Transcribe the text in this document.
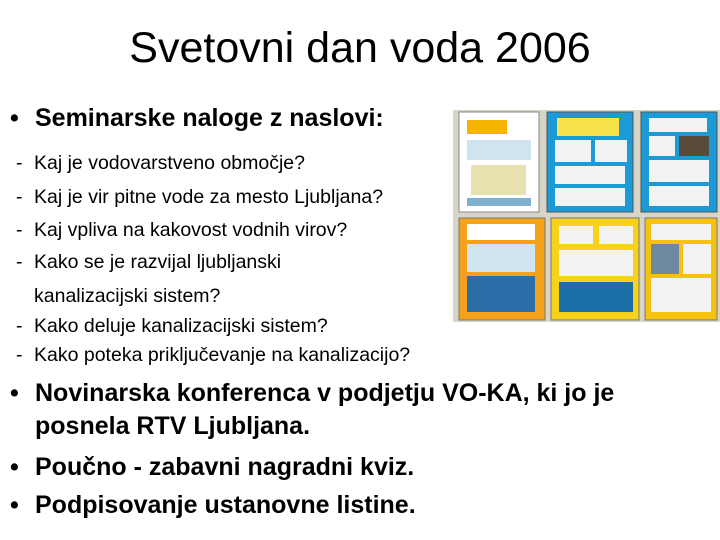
Svetovni dan voda 2006
• Seminarske naloge z naslovi:
- Kaj je vodovarstveno območje?
- Kaj je vir pitne vode za mesto Ljubljana?
- Kaj vpliva na kakovost vodnih virov?
- Kako se je razvijal ljubljanski
kanalizacijski sistem?
- Kako deluje kanalizacijski sistem?
- Kako poteka priključevanje na kanalizacijo?
• Novinarska konferenca v podjetju VO-KA, ki jo je
posnela RTV Ljubljana.
• Poučno - zabavni nagradni kviz.
• Podpisovanje ustanovne listine.
